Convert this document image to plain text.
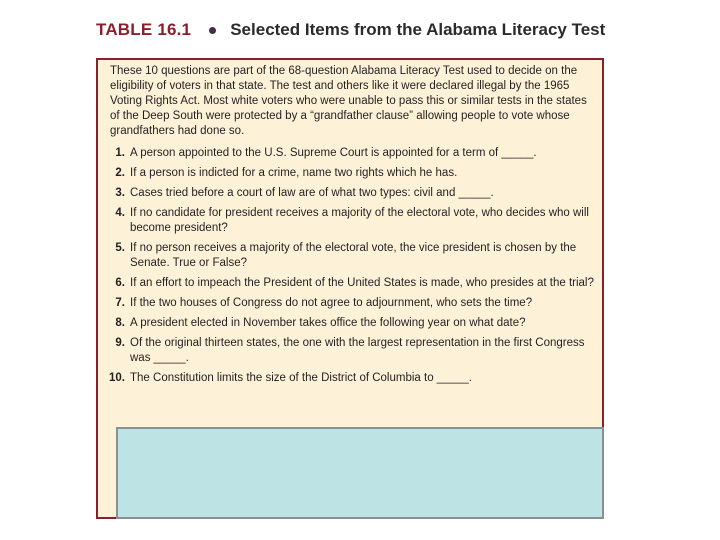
TABLE 16.1 Selected Items from the Alabama Literacy Test

These 10 questions are part of the 68-question Alabama Literacy Test used to decide on the eligibility of voters in that state. The test and others like it were declared illegal by the 1965 Voting Rights Act. Most white voters who were unable to pass this or similar tests in the states of the Deep South were protected by a “grandfather clause” allowing people to vote whose grandfathers had done so.

1. A person appointed to the U.S. Supreme Court is appointed for a term of _____.
2. If a person is indicted for a crime, name two rights which he has.
3. Cases tried before a court of law are of what two types: civil and _____.
4. If no candidate for president receives a majority of the electoral vote, who decides who will become president?
5. If no person receives a majority of the electoral vote, the vice president is chosen by the Senate. True or False?
6. If an effort to impeach the President of the United States is made, who presides at the trial?
7. If the two houses of Congress do not agree to adjournment, who sets the time?
8. A president elected in November takes office the following year on what date?
9. Of the original thirteen states, the one with the largest representation in the first Congress was _____.
10. The Constitution limits the size of the District of Columbia to _____.
